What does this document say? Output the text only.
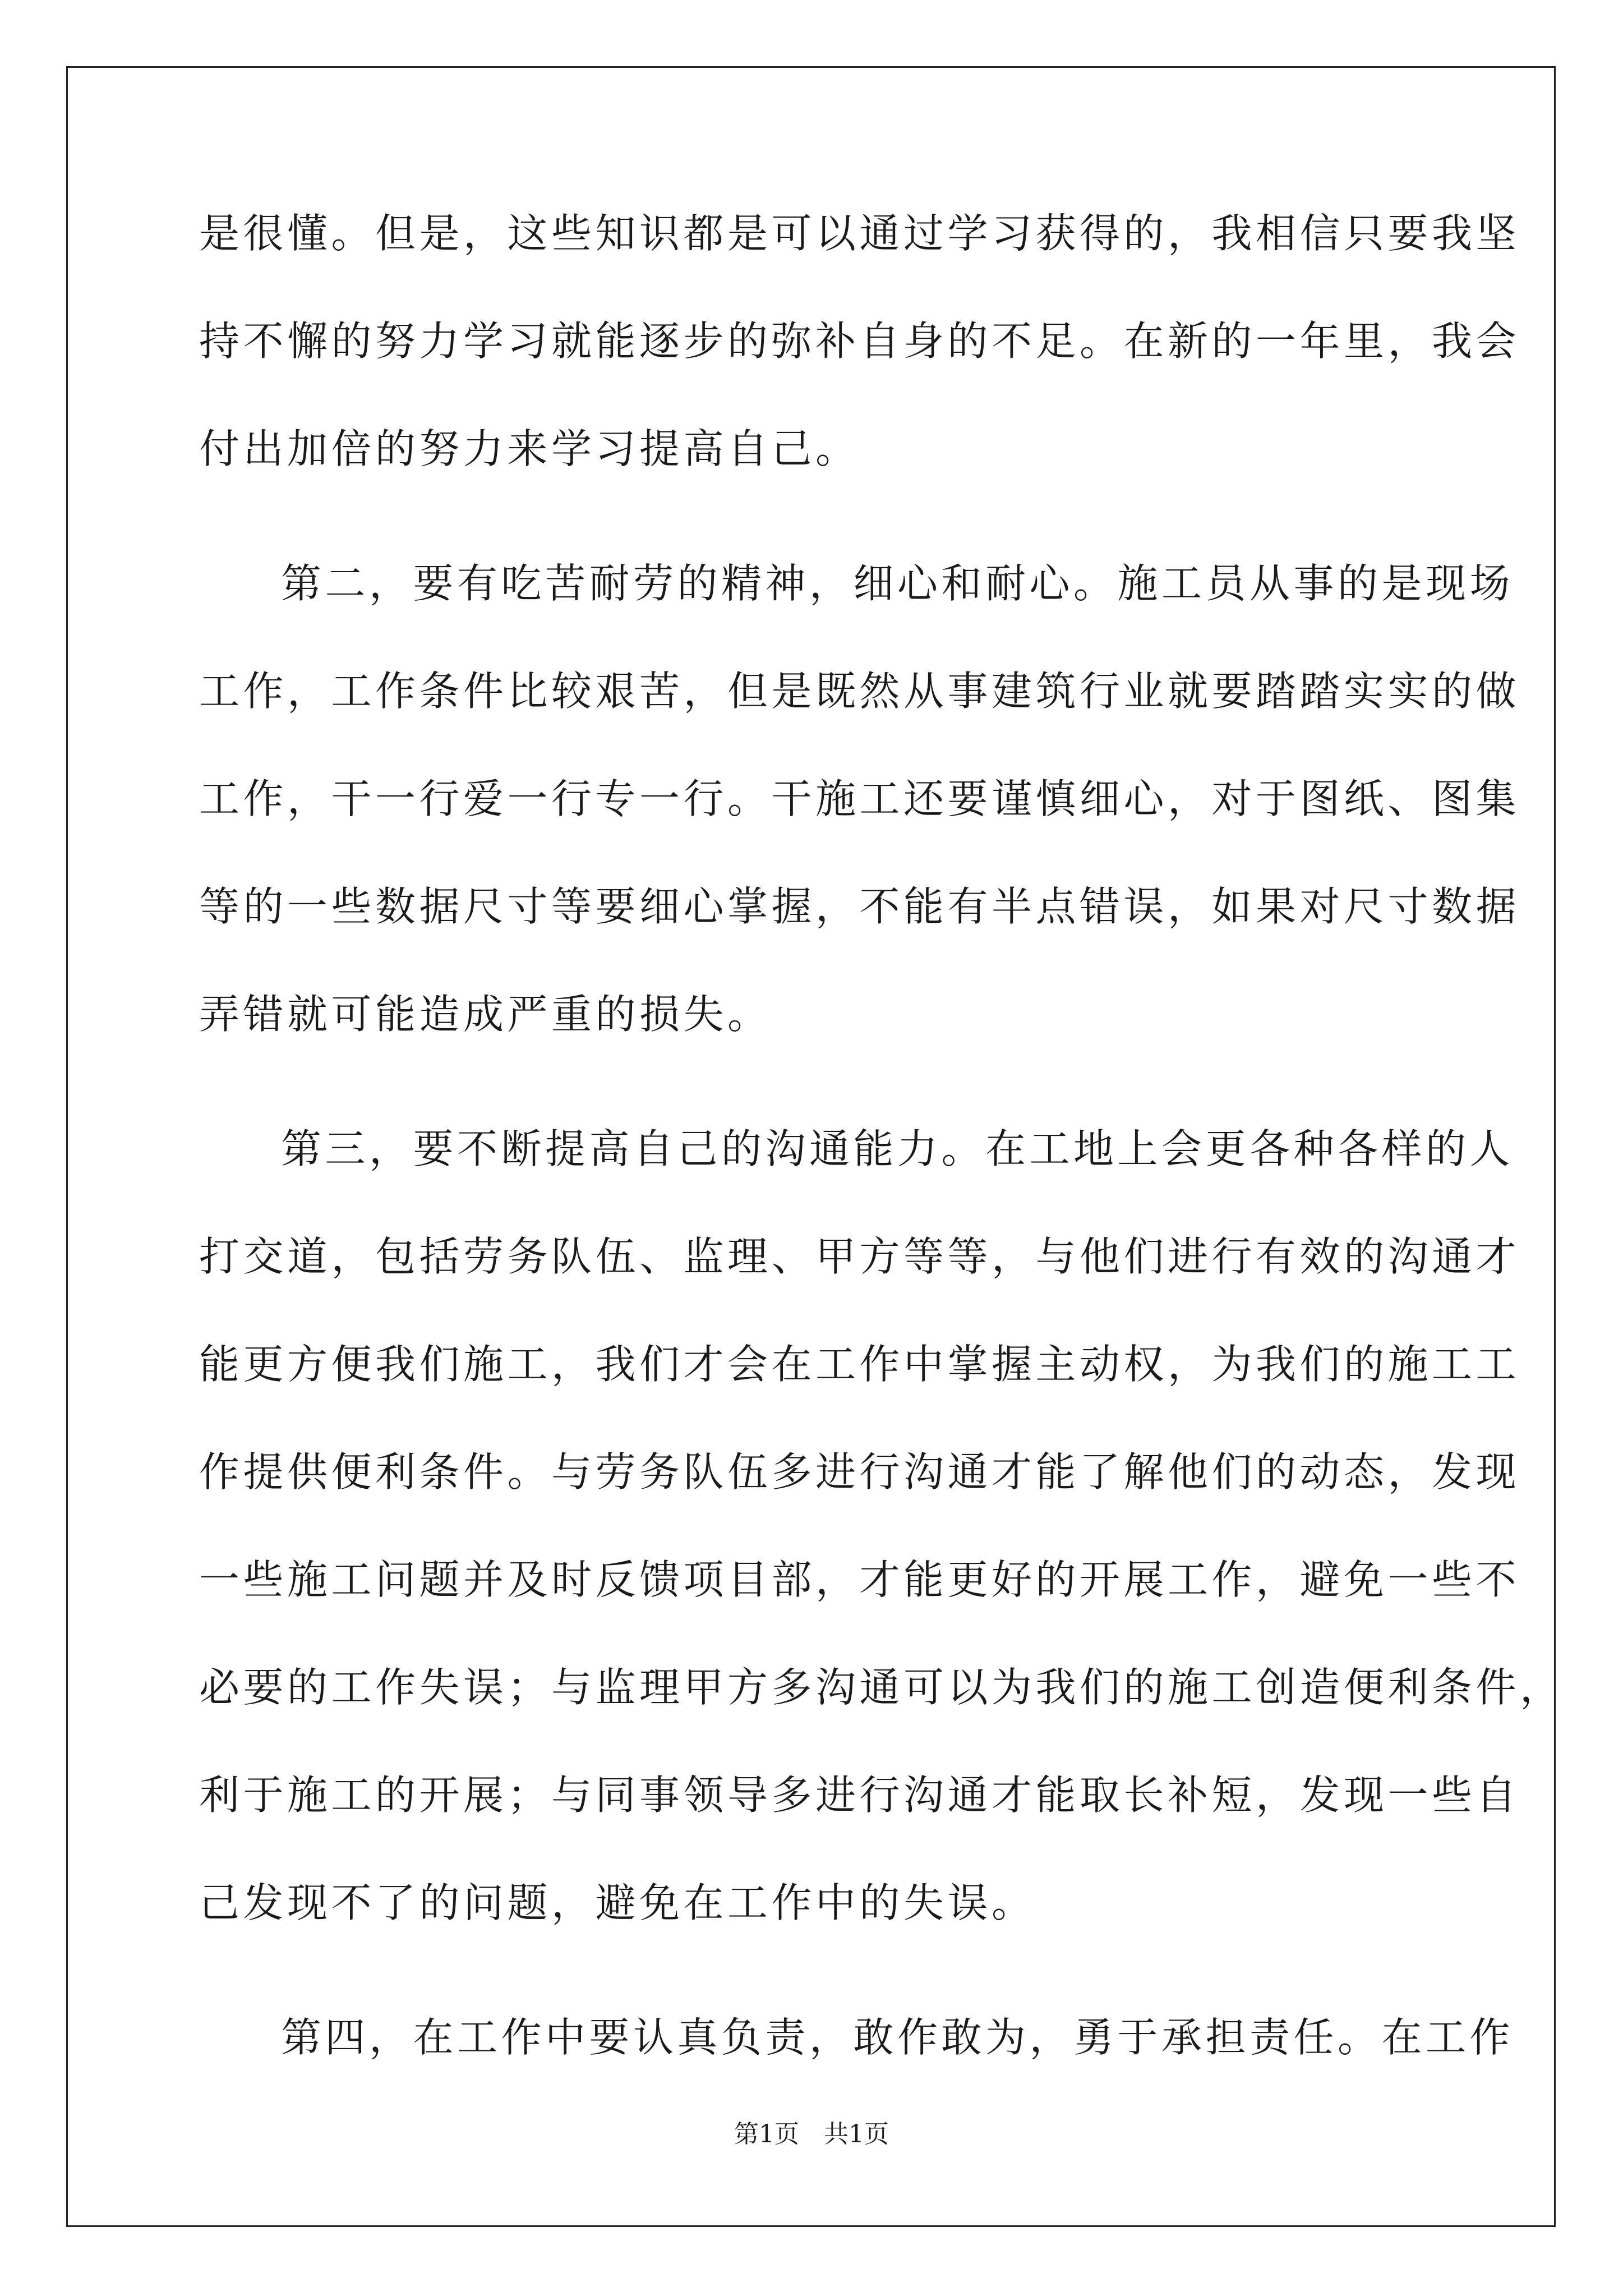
是很懂。但是，这些知识都是可以通过学习获得的，我相信只要我坚

持不懈的努力学习就能逐步的弥补自身的不足。在新的一年里，我会

付出加倍的努力来学习提高自己。

第二，要有吃苦耐劳的精神，细心和耐心。施工员从事的是现场

工作，工作条件比较艰苦，但是既然从事建筑行业就要踏踏实实的做

工作，干一行爱一行专一行。干施工还要谨慎细心，对于图纸、图集

等的一些数据尺寸等要细心掌握，不能有半点错误，如果对尺寸数据

弄错就可能造成严重的损失。

第三，要不断提高自己的沟通能力。在工地上会更各种各样的人

打交道，包括劳务队伍、监理、甲方等等，与他们进行有效的沟通才

能更方便我们施工，我们才会在工作中掌握主动权，为我们的施工工

作提供便利条件。与劳务队伍多进行沟通才能了解他们的动态，发现

一些施工问题并及时反馈项目部，才能更好的开展工作，避免一些不

必要的工作失误；与监理甲方多沟通可以为我们的施工创造便利条件，

利于施工的开展；与同事领导多进行沟通才能取长补短，发现一些自

己发现不了的问题，避免在工作中的失误。

第四，在工作中要认真负责，敢作敢为，勇于承担责任。在工作

第1页　共1页
